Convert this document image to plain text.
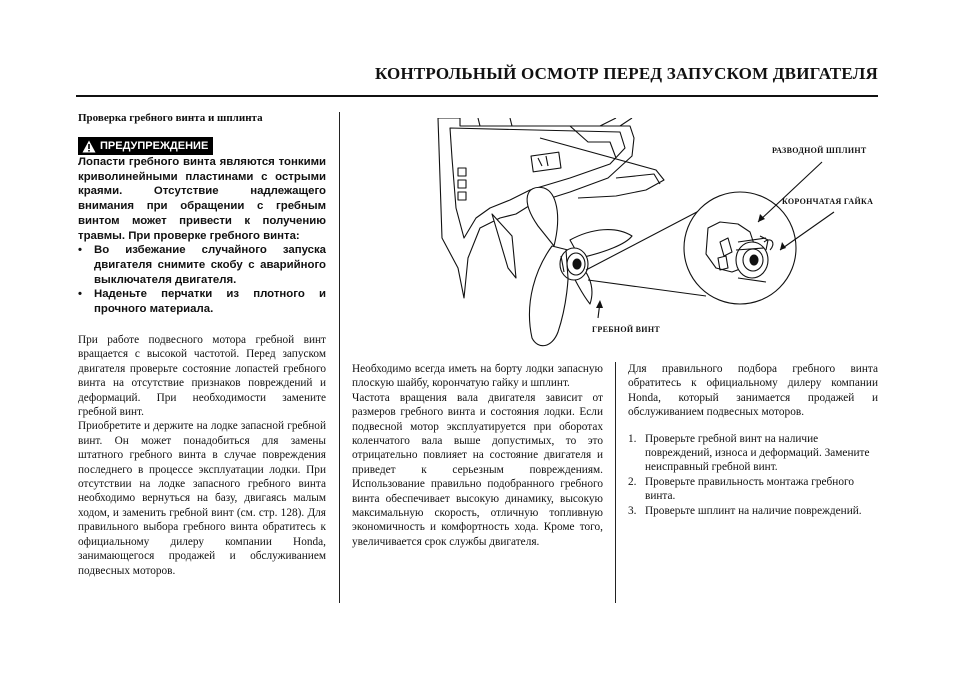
КОНТРОЛЬНЫЙ ОСМОТР ПЕРЕД ЗАПУСКОМ ДВИГАТЕЛЯ
Проверка гребного винта и шплинта
ПРЕДУПРЕЖДЕНИЕ
Лопасти гребного винта являются тонкими криволинейными пластинами с острыми краями. Отсутствие надлежащего внимания при обращении с гребным винтом может привести к получению травмы. При проверке гребного винта:
• Во избежание случайного запуска двигателя снимите скобу с аварийного выключателя двигателя.
• Наденьте перчатки из плотного и прочного материала.

При работе подвесного мотора гребной винт вращается с высокой частотой. Перед запуском двигателя проверьте состояние лопастей гребного винта на отсутствие признаков повреждений и деформаций. При необходимости замените гребной винт.

Приобретите и держите на лодке запасной гребной винт. Он может понадобиться для замены штатного гребного винта в случае повреждения последнего в процессе эксплуатации лодки. При отсутствии на лодке запасного гребного винта необходимо вернуться на базу, двигаясь малым ходом, и заменить гребной винт (см. стр. 128). Для правильного выбора гребного винта обратитесь к официальному дилеру компании Honda, занимающегося продажей и обслуживанием подвесных моторов.

Необходимо всегда иметь на борту лодки запасную плоскую шайбу, корончатую гайку и шплинт.

Частота вращения вала двигателя зависит от размеров гребного винта и состояния лодки. Если подвесной мотор эксплуатируется при оборотах коленчатого вала выше допустимых, то это отрицательно повлияет на состояние двигателя и приведет к серьезным повреждениям. Использование правильно подобранного гребного винта обеспечивает высокую динамику, высокую максимальную скорость, отличную топливную экономичность и комфортность хода. Кроме того, увеличивается срок службы двигателя.

Для правильного подбора гребного винта обратитесь к официальному дилеру компании Honda, который занимается продажей и обслуживанием подвесных моторов.

1. Проверьте гребной винт на наличие повреждений, износа и деформаций. Замените неисправный гребной винт.
2. Проверьте правильность монтажа гребного винта.
3. Проверьте шплинт на наличие повреждений.
РАЗВОДНОЙ ШПЛИНТ
КОРОНЧАТАЯ ГАЙКА
ГРЕБНОЙ ВИНТ
